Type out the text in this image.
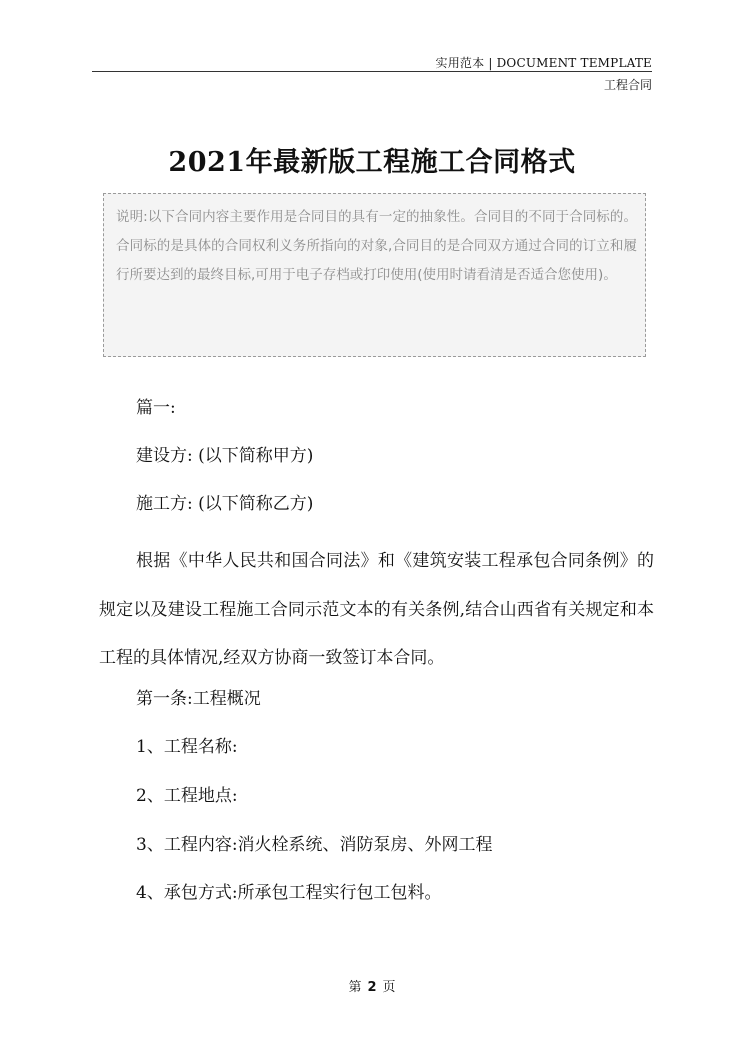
实用范本 | DOCUMENT TEMPLATE
工程合同
2021年最新版工程施工合同格式

说明:以下合同内容主要作用是合同目的具有一定的抽象性。合同目的不同于合同标的。合同标的是具体的合同权利义务所指向的对象,合同目的是合同双方通过合同的订立和履行所要达到的最终目标,可用于电子存档或打印使用(使用时请看清是否适合您使用)。

篇一:
建设方: (以下简称甲方)
施工方: (以下简称乙方)
根据《中华人民共和国合同法》和《建筑安装工程承包合同条例》的规定以及建设工程施工合同示范文本的有关条例,结合山西省有关规定和本工程的具体情况,经双方协商一致签订本合同。
第一条:工程概况
1、工程名称:
2、工程地点:
3、工程内容:消火栓系统、消防泵房、外网工程
4、承包方式:所承包工程实行包工包料。
第 2 页
